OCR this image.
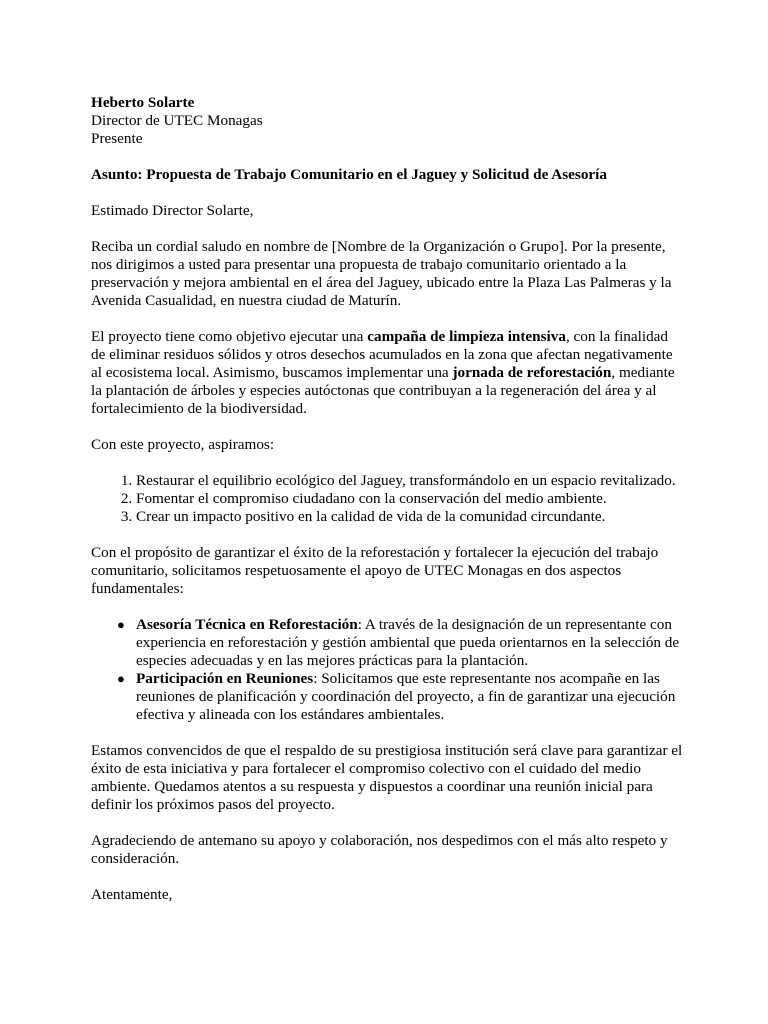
Heberto Solarte

Director de UTEC Monagas

Presente

Asunto: Propuesta de Trabajo Comunitario en el Jaguey y Solicitud de Asesoría

Estimado Director Solarte,

Reciba un cordial saludo en nombre de [Nombre de la Organización o Grupo]. Por la presente, nos dirigimos a usted para presentar una propuesta de trabajo comunitario orientado a la preservación y mejora ambiental en el área del Jaguey, ubicado entre la Plaza Las Palmeras y la Avenida Casualidad, en nuestra ciudad de Maturín.

El proyecto tiene como objetivo ejecutar una campaña de limpieza intensiva, con la finalidad de eliminar residuos sólidos y otros desechos acumulados en la zona que afectan negativamente al ecosistema local. Asimismo, buscamos implementar una jornada de reforestación, mediante la plantación de árboles y especies autóctonas que contribuyan a la regeneración del área y al fortalecimiento de la biodiversidad.

Con este proyecto, aspiramos:

1. Restaurar el equilibrio ecológico del Jaguey, transformándolo en un espacio revitalizado.
2. Fomentar el compromiso ciudadano con la conservación del medio ambiente.
3. Crear un impacto positivo en la calidad de vida de la comunidad circundante.

Con el propósito de garantizar el éxito de la reforestación y fortalecer la ejecución del trabajo comunitario, solicitamos respetuosamente el apoyo de UTEC Monagas en dos aspectos fundamentales:

● Asesoría Técnica en Reforestación: A través de la designación de un representante con experiencia en reforestación y gestión ambiental que pueda orientarnos en la selección de especies adecuadas y en las mejores prácticas para la plantación.
● Participación en Reuniones: Solicitamos que este representante nos acompañe en las reuniones de planificación y coordinación del proyecto, a fin de garantizar una ejecución efectiva y alineada con los estándares ambientales.

Estamos convencidos de que el respaldo de su prestigiosa institución será clave para garantizar el éxito de esta iniciativa y para fortalecer el compromiso colectivo con el cuidado del medio ambiente. Quedamos atentos a su respuesta y dispuestos a coordinar una reunión inicial para definir los próximos pasos del proyecto.

Agradeciendo de antemano su apoyo y colaboración, nos despedimos con el más alto respeto y consideración.

Atentamente,
